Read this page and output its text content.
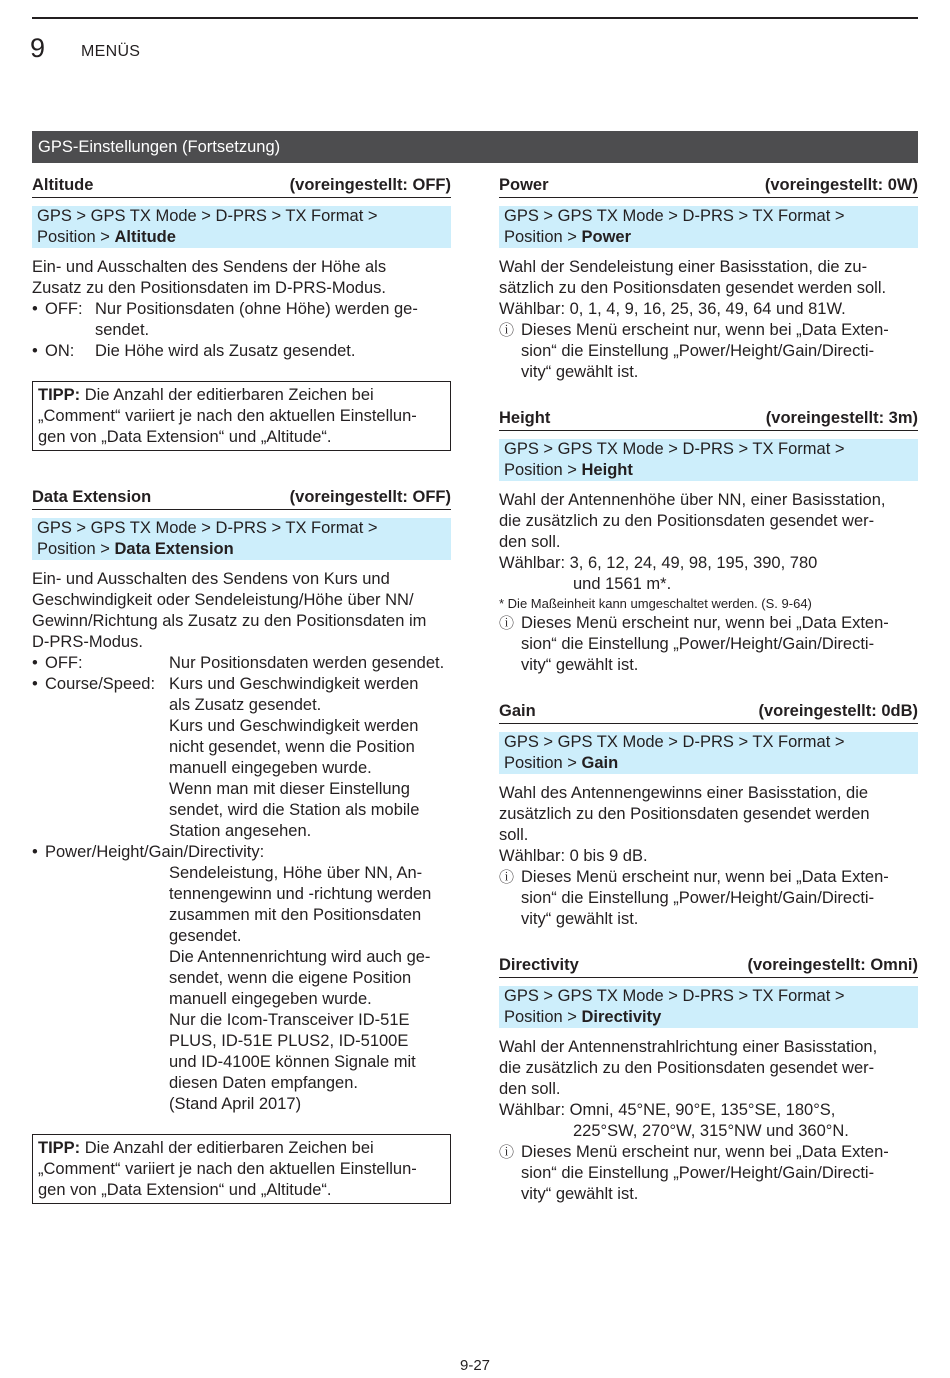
9 MENÜS
GPS-Einstellungen (Fortsetzung)
Altitude	(voreingestellt: OFF)
GPS > GPS TX Mode > D-PRS > TX Format >
Position > Altitude
Ein- und Ausschalten des Sendens der Höhe als
Zusatz zu den Positionsdaten im D-PRS-Modus.
• OFF: Nur Positionsdaten (ohne Höhe) werden ge-
sendet.
• ON:	Die Höhe wird als Zusatz gesendet.
TIPP: Die Anzahl der editierbaren Zeichen bei
„Comment“ variiert je nach den aktuellen Einstellun-
gen von „Data Extension“ und „Altitude“.
Data Extension	(voreingestellt: OFF)
GPS > GPS TX Mode > D-PRS > TX Format >
Position > Data Extension
Ein- und Ausschalten des Sendens von Kurs und
Geschwindigkeit oder Sendeleistung/Höhe über NN/
Gewinn/Richtung als Zusatz zu den Positionsdaten im
D-PRS-Modus.
• OFF:	Nur Positionsdaten werden gesendet.
• Course/Speed: Kurs und Geschwindigkeit werden
als Zusatz gesendet.
Kurs und Geschwindigkeit werden
nicht gesendet, wenn die Position
manuell eingegeben wurde.
Wenn man mit dieser Einstellung
sendet, wird die Station als mobile
Station angesehen.
• Power/Height/Gain/Directivity:
Sendeleistung, Höhe über NN, An-
tennengewinn und -richtung werden
zusammen mit den Positionsdaten
gesendet.
Die Antennenrichtung wird auch ge-
sendet, wenn die eigene Position
manuell eingegeben wurde.
Nur die Icom-Transceiver ID-51E
PLUS, ID-51E PLUS2, ID-5100E
und ID-4100E können Signale mit
diesen Daten empfangen.
(Stand April 2017)
TIPP: Die Anzahl der editierbaren Zeichen bei
„Comment“ variiert je nach den aktuellen Einstellun-
gen von „Data Extension“ und „Altitude“.
Power	(voreingestellt: 0W)
GPS > GPS TX Mode > D-PRS > TX Format >
Position > Power
Wahl der Sendeleistung einer Basisstation, die zu-
sätzlich zu den Positionsdaten gesendet werden soll.
Wählbar: 0, 1, 4, 9, 16, 25, 36, 49, 64 und 81W.
ⓘ Dieses Menü erscheint nur, wenn bei „Data Exten-
sion“ die Einstellung „Power/Height/Gain/Directi-
vity“ gewählt ist.
Height	(voreingestellt: 3m)
GPS > GPS TX Mode > D-PRS > TX Format >
Position > Height
Wahl der Antennenhöhe über NN, einer Basisstation,
die zusätzlich zu den Positionsdaten gesendet wer-
den soll.
Wählbar: 3, 6, 12, 24, 49, 98, 195, 390, 780
und 1561 m*.
* Die Maßeinheit kann umgeschaltet werden. (S. 9-64)
ⓘ Dieses Menü erscheint nur, wenn bei „Data Exten-
sion“ die Einstellung „Power/Height/Gain/Directi-
vity“ gewählt ist.
Gain	(voreingestellt: 0dB)
GPS > GPS TX Mode > D-PRS > TX Format >
Position > Gain
Wahl des Antennengewinns einer Basisstation, die
zusätzlich zu den Positionsdaten gesendet werden
soll.
Wählbar: 0 bis 9 dB.
ⓘ Dieses Menü erscheint nur, wenn bei „Data Exten-
sion“ die Einstellung „Power/Height/Gain/Directi-
vity“ gewählt ist.
Directivity	(voreingestellt: Omni)
GPS > GPS TX Mode > D-PRS > TX Format >
Position > Directivity
Wahl der Antennenstrahlrichtung einer Basisstation,
die zusätzlich zu den Positionsdaten gesendet wer-
den soll.
Wählbar: Omni, 45°NE, 90°E, 135°SE, 180°S,
225°SW, 270°W, 315°NW und 360°N.
ⓘ Dieses Menü erscheint nur, wenn bei „Data Exten-
sion“ die Einstellung „Power/Height/Gain/Directi-
vity“ gewählt ist.
9-27
